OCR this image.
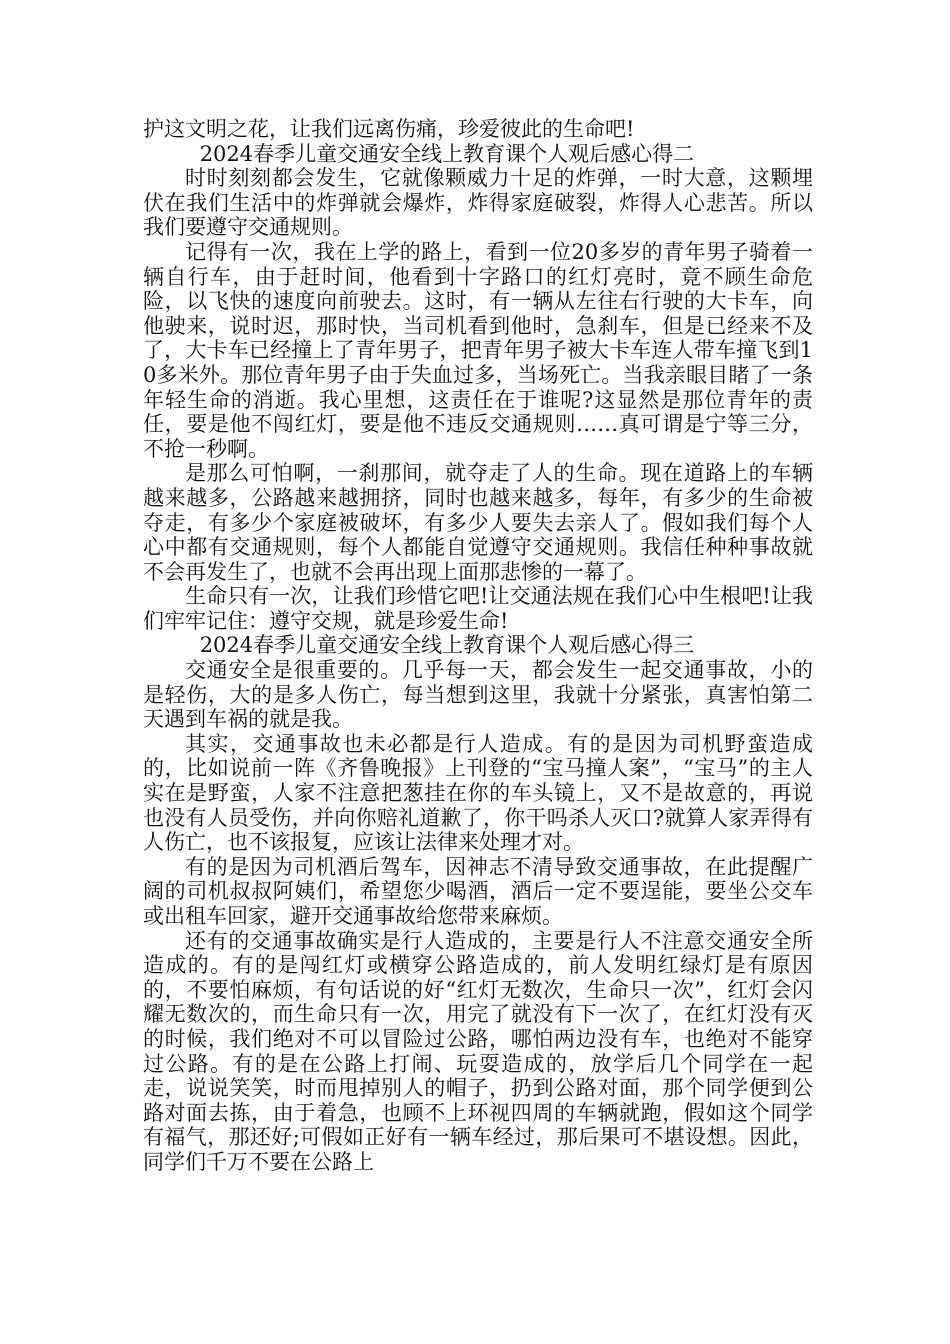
护这文明之花，让我们远离伤痛，珍爱彼此的生命吧!

2024春季儿童交通安全线上教育课个人观后感心得二

时时刻刻都会发生，它就像颗威力十足的炸弹，一时大意，这颗埋伏在我们生活中的炸弹就会爆炸，炸得家庭破裂，炸得人心悲苦。所以我们要遵守交通规则。

记得有一次，我在上学的路上，看到一位20多岁的青年男子骑着一辆自行车，由于赶时间，他看到十字路口的红灯亮时，竟不顾生命危险，以飞快的速度向前驶去。这时，有一辆从左往右行驶的大卡车，向他驶来，说时迟，那时快，当司机看到他时，急刹车，但是已经来不及了，大卡车已经撞上了青年男子，把青年男子被大卡车连人带车撞飞到10多米外。那位青年男子由于失血过多，当场死亡。当我亲眼目睹了一条年轻生命的消逝。我心里想，这责任在于谁呢?这显然是那位青年的责任，要是他不闯红灯，要是他不违反交通规则……真可谓是宁等三分，不抢一秒啊。

是那么可怕啊，一刹那间，就夺走了人的生命。现在道路上的车辆越来越多，公路越来越拥挤，同时也越来越多，每年，有多少的生命被夺走，有多少个家庭被破坏，有多少人要失去亲人了。假如我们每个人心中都有交通规则，每个人都能自觉遵守交通规则。我信任种种事故就不会再发生了，也就不会再出现上面那悲惨的一幕了。

生命只有一次，让我们珍惜它吧!让交通法规在我们心中生根吧!让我们牢牢记住：遵守交规，就是珍爱生命!

2024春季儿童交通安全线上教育课个人观后感心得三

交通安全是很重要的。几乎每一天，都会发生一起交通事故，小的是轻伤，大的是多人伤亡，每当想到这里，我就十分紧张，真害怕第二天遇到车祸的就是我。

其实，交通事故也未必都是行人造成。有的是因为司机野蛮造成的，比如说前一阵《齐鲁晚报》上刊登的“宝马撞人案”，“宝马”的主人实在是野蛮，人家不注意把葱挂在你的车头镜上，又不是故意的，再说也没有人员受伤，并向你赔礼道歉了，你干吗杀人灭口?就算人家弄得有人伤亡，也不该报复，应该让法律来处理才对。

有的是因为司机酒后驾车，因神志不清导致交通事故，在此提醒广阔的司机叔叔阿姨们，希望您少喝酒，酒后一定不要逞能，要坐公交车或出租车回家，避开交通事故给您带来麻烦。

还有的交通事故确实是行人造成的，主要是行人不注意交通安全所造成的。有的是闯红灯或横穿公路造成的，前人发明红绿灯是有原因的，不要怕麻烦，有句话说的好“红灯无数次，生命只一次”，红灯会闪耀无数次的，而生命只有一次，用完了就没有下一次了，在红灯没有灭的时候，我们绝对不可以冒险过公路，哪怕两边没有车，也绝对不能穿过公路。有的是在公路上打闹、玩耍造成的，放学后几个同学在一起走，说说笑笑，时而甩掉别人的帽子，扔到公路对面，那个同学便到公路对面去拣，由于着急，也顾不上环视四周的车辆就跑，假如这个同学有福气，那还好;可假如正好有一辆车经过，那后果可不堪设想。因此，同学们千万不要在公路上
